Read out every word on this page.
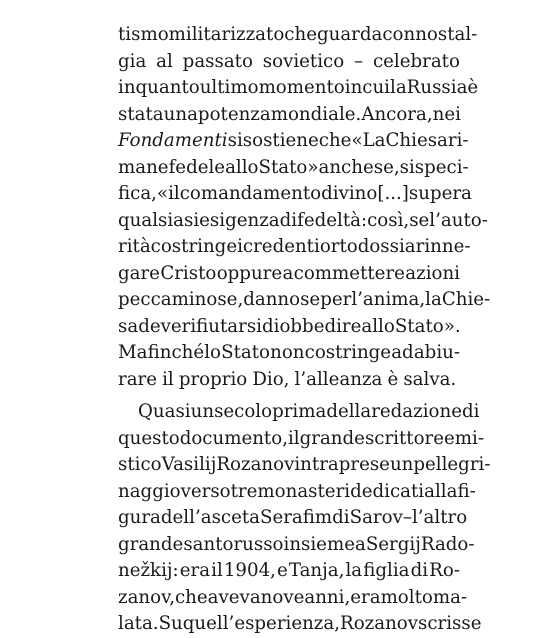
tismo militarizzato che guarda con nostal-
gia al passato sovietico – celebrato
in quanto ultimo momento in cui la Russia è
stata una potenza mondiale. Ancora, nei
Fondamenti si sostiene che «La Chiesa ri-
mane fedele allo Stato» anche se, si speci-
fica, «il comandamento divino [...] supera
qualsiasi esigenza di fedeltà: così, se l’auto-
rità costringe i credenti ortodossi a rinne-
gare Cristo oppure a commettere azioni
peccaminose, dannose per l’anima, la Chie-
sa deve rifiutarsi di obbedire allo Stato».
Ma finché lo Stato non costringe ad abiu-
rare il proprio Dio, l’alleanza è salva.
Quasi un secolo prima della redazione di
questo documento, il grande scrittore e mi-
stico Vasilij Rozanov intraprese un pellegri-
naggio verso tre monasteri dedicati alla fi-
gura dell’asceta Serafim di Sarov – l’altro
grande santo russo insieme a Sergij Rado-
nežkij: era il 1904, e Tanja, la figlia di Ro-
zanov, che aveva nove anni, era molto ma-
lata. Su quell’esperienza, Rozanov scrisse
